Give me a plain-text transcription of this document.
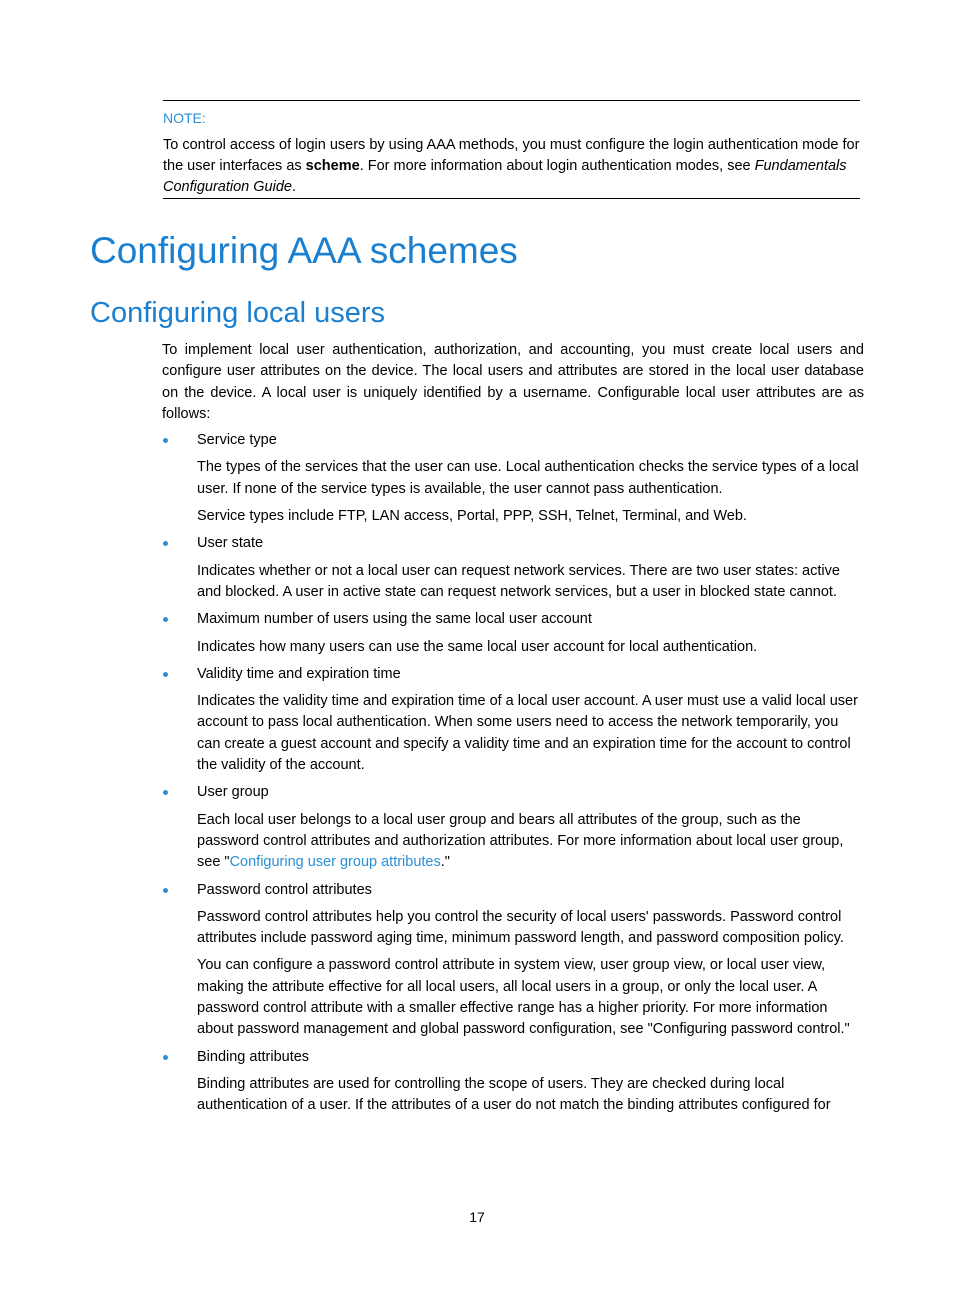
NOTE:

To control access of login users by using AAA methods, you must configure the login authentication mode for the user interfaces as scheme. For more information about login authentication modes, see Fundamentals Configuration Guide.

Configuring AAA schemes
Configuring local users

To implement local user authentication, authorization, and accounting, you must create local users and configure user attributes on the device. The local users and attributes are stored in the local user database on the device. A local user is uniquely identified by a username. Configurable local user attributes are as follows:

Service type

The types of the services that the user can use. Local authentication checks the service types of a local user. If none of the service types is available, the user cannot pass authentication.

Service types include FTP, LAN access, Portal, PPP, SSH, Telnet, Terminal, and Web.

User state

Indicates whether or not a local user can request network services. There are two user states: active and blocked. A user in active state can request network services, but a user in blocked state cannot.

Maximum number of users using the same local user account

Indicates how many users can use the same local user account for local authentication.

Validity time and expiration time

Indicates the validity time and expiration time of a local user account. A user must use a valid local user account to pass local authentication. When some users need to access the network temporarily, you can create a guest account and specify a validity time and an expiration time for the account to control the validity of the account.

User group

Each local user belongs to a local user group and bears all attributes of the group, such as the password control attributes and authorization attributes. For more information about local user group, see "Configuring user group attributes."

Password control attributes

Password control attributes help you control the security of local users' passwords. Password control attributes include password aging time, minimum password length, and password composition policy.

You can configure a password control attribute in system view, user group view, or local user view, making the attribute effective for all local users, all local users in a group, or only the local user. A password control attribute with a smaller effective range has a higher priority. For more information about password management and global password configuration, see "Configuring password control."

Binding attributes

Binding attributes are used for controlling the scope of users. They are checked during local authentication of a user. If the attributes of a user do not match the binding attributes configured for

17
